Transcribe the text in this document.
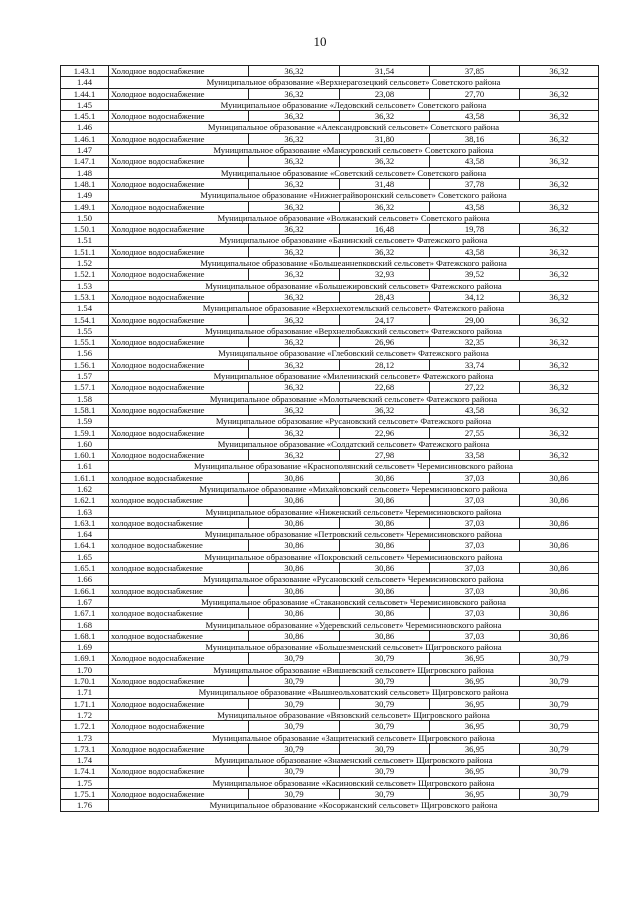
10
1.43.1	Холодное водоснабжение	36,32	31,54	37,85	36,32
1.44	Муниципальное образование «Верхнерагозецкий сельсовет» Советского района				
1.44.1	Холодное водоснабжение	36,32	23,08	27,70	36,32
1.45	Муниципальное образование «Ледовский сельсовет» Советского района				
1.45.1	Холодное водоснабжение	36,32	36,32	43,58	36,32
1.46	Муниципальное образование «Александровский сельсовет» Советского района				
1.46.1	Холодное водоснабжение	36,32	31,80	38,16	36,32
1.47	Муниципальное образование «Мансуровский сельсовет» Советского района				
1.47.1	Холодное водоснабжение	36,32	36,32	43,58	36,32
1.48	Муниципальное образование «Советский сельсовет» Советского района				
1.48.1	Холодное водоснабжение	36,32	31,48	37,78	36,32
1.49	Муниципальное образование «Нижнеграйворонский сельсовет» Советского района				
1.49.1	Холодное водоснабжение	36,32	36,32	43,58	36,32
1.50	Муниципальное образование «Волжанский сельсовет» Советского района				
1.50.1	Холодное водоснабжение	36,32	16,48	19,78	36,32
1.51	Муниципальное образование «Банинский сельсовет» Фатежского района				
1.51.1	Холодное водоснабжение	36,32	36,32	43,58	36,32
1.52	Муниципальное образование «Большеаннenковский сельсовет» Фатежского района				
1.52.1	Холодное водоснабжение	36,32	32,93	39,52	36,32
1.53	Муниципальное образование «Большежировский сельсовет» Фатежского района				
1.53.1	Холодное водоснабжение	36,32	28,43	34,12	36,32
1.54	Муниципальное образование «Верхнехотемльский сельсовет» Фатежского района				
1.54.1	Холодное водоснабжение	36,32	24,17	29,00	36,32
1.55	Муниципальное образование «Верхнелюбажский сельсовет» Фатежского района				
1.55.1	Холодное водоснабжение	36,32	26,96	32,35	36,32
1.56	Муниципальное образование «Глебовский сельсовет» Фатежского района				
1.56.1	Холодное водоснабжение	36,32	28,12	33,74	36,32
1.57	Муниципальное образование «Миленинский сельсовет» Фатежского района				
1.57.1	Холодное водоснабжение	36,32	22,68	27,22	36,32
1.58	Муниципальное образование «Молотычевский сельсовет» Фатежского района				
1.58.1	Холодное водоснабжение	36,32	36,32	43,58	36,32
1.59	Муниципальное образование «Русановский сельсовет» Фатежского района				
1.59.1	Холодное водоснабжение	36,32	22,96	27,55	36,32
1.60	Муниципальное образование «Солдатский сельсовет» Фатежского района				
1.60.1	Холодное водоснабжение	36,32	27,98	33,58	36,32
1.61	Муниципальное образование «Краснополянский сельсовет» Черемисиновского района				
1.61.1	холодное водоснабжение	30,86	30,86	37,03	30,86
1.62	Муниципальное образование «Михайловский сельсовет» Черемисиновского района				
1.62.1	холодное водоснабжение	30,86	30,86	37,03	30,86
1.63	Муниципальное образование «Ниженский сельсовет» Черемисиновского района				
1.63.1	холодное водоснабжение	30,86	30,86	37,03	30,86
1.64	Муниципальное образование «Петровский сельсовет» Черемисиновского района				
1.64.1	холодное водоснабжение	30,86	30,86	37,03	30,86
1.65	Муниципальное образование «Покровский сельсовет» Черемисиновского района				
1.65.1	холодное водоснабжение	30,86	30,86	37,03	30,86
1.66	Муниципальное образование «Русановский сельсовет» Черемисиновского района				
1.66.1	холодное водоснабжение	30,86	30,86	37,03	30,86
1.67	Муниципальное образование «Стакановский сельсовет» Черемисиновского района				
1.67.1	холодное водоснабжение	30,86	30,86	37,03	30,86
1.68	Муниципальное образование «Удеревский сельсовет» Черемисиновского района				
1.68.1	холодное водоснабжение	30,86	30,86	37,03	30,86
1.69	Муниципальное образование «Большезменский сельсовет» Щигровского района				
1.69.1	Холодное водоснабжение	30,79	30,79	36,95	30,79
1.70	Муниципальное образование «Вишневский сельсовет» Щигровского района				
1.70.1	Холодное водоснабжение	30,79	30,79	36,95	30,79
1.71	Муниципальное образование «Вышнеольховатский сельсовет» Щигровского района				
1.71.1	Холодное водоснабжение	30,79	30,79	36,95	30,79
1.72	Муниципальное образование «Вязовский сельсовет» Щигровского района				
1.72.1	Холодное водоснабжение	30,79	30,79	36,95	30,79
1.73	Муниципальное образование «Защитенский сельсовет» Щигровского района				
1.73.1	Холодное водоснабжение	30,79	30,79	36,95	30,79
1.74	Муниципальное образование «Знаменский сельсовет» Щигровского района				
1.74.1	Холодное водоснабжение	30,79	30,79	36,95	30,79
1.75	Муниципальное образование «Касиновский сельсовет» Щигровского района				
1.75.1	Холодное водоснабжение	30,79	30,79	36,95	30,79
1.76	Муниципальное образование «Косоржанский сельсовет» Щигровского района				
